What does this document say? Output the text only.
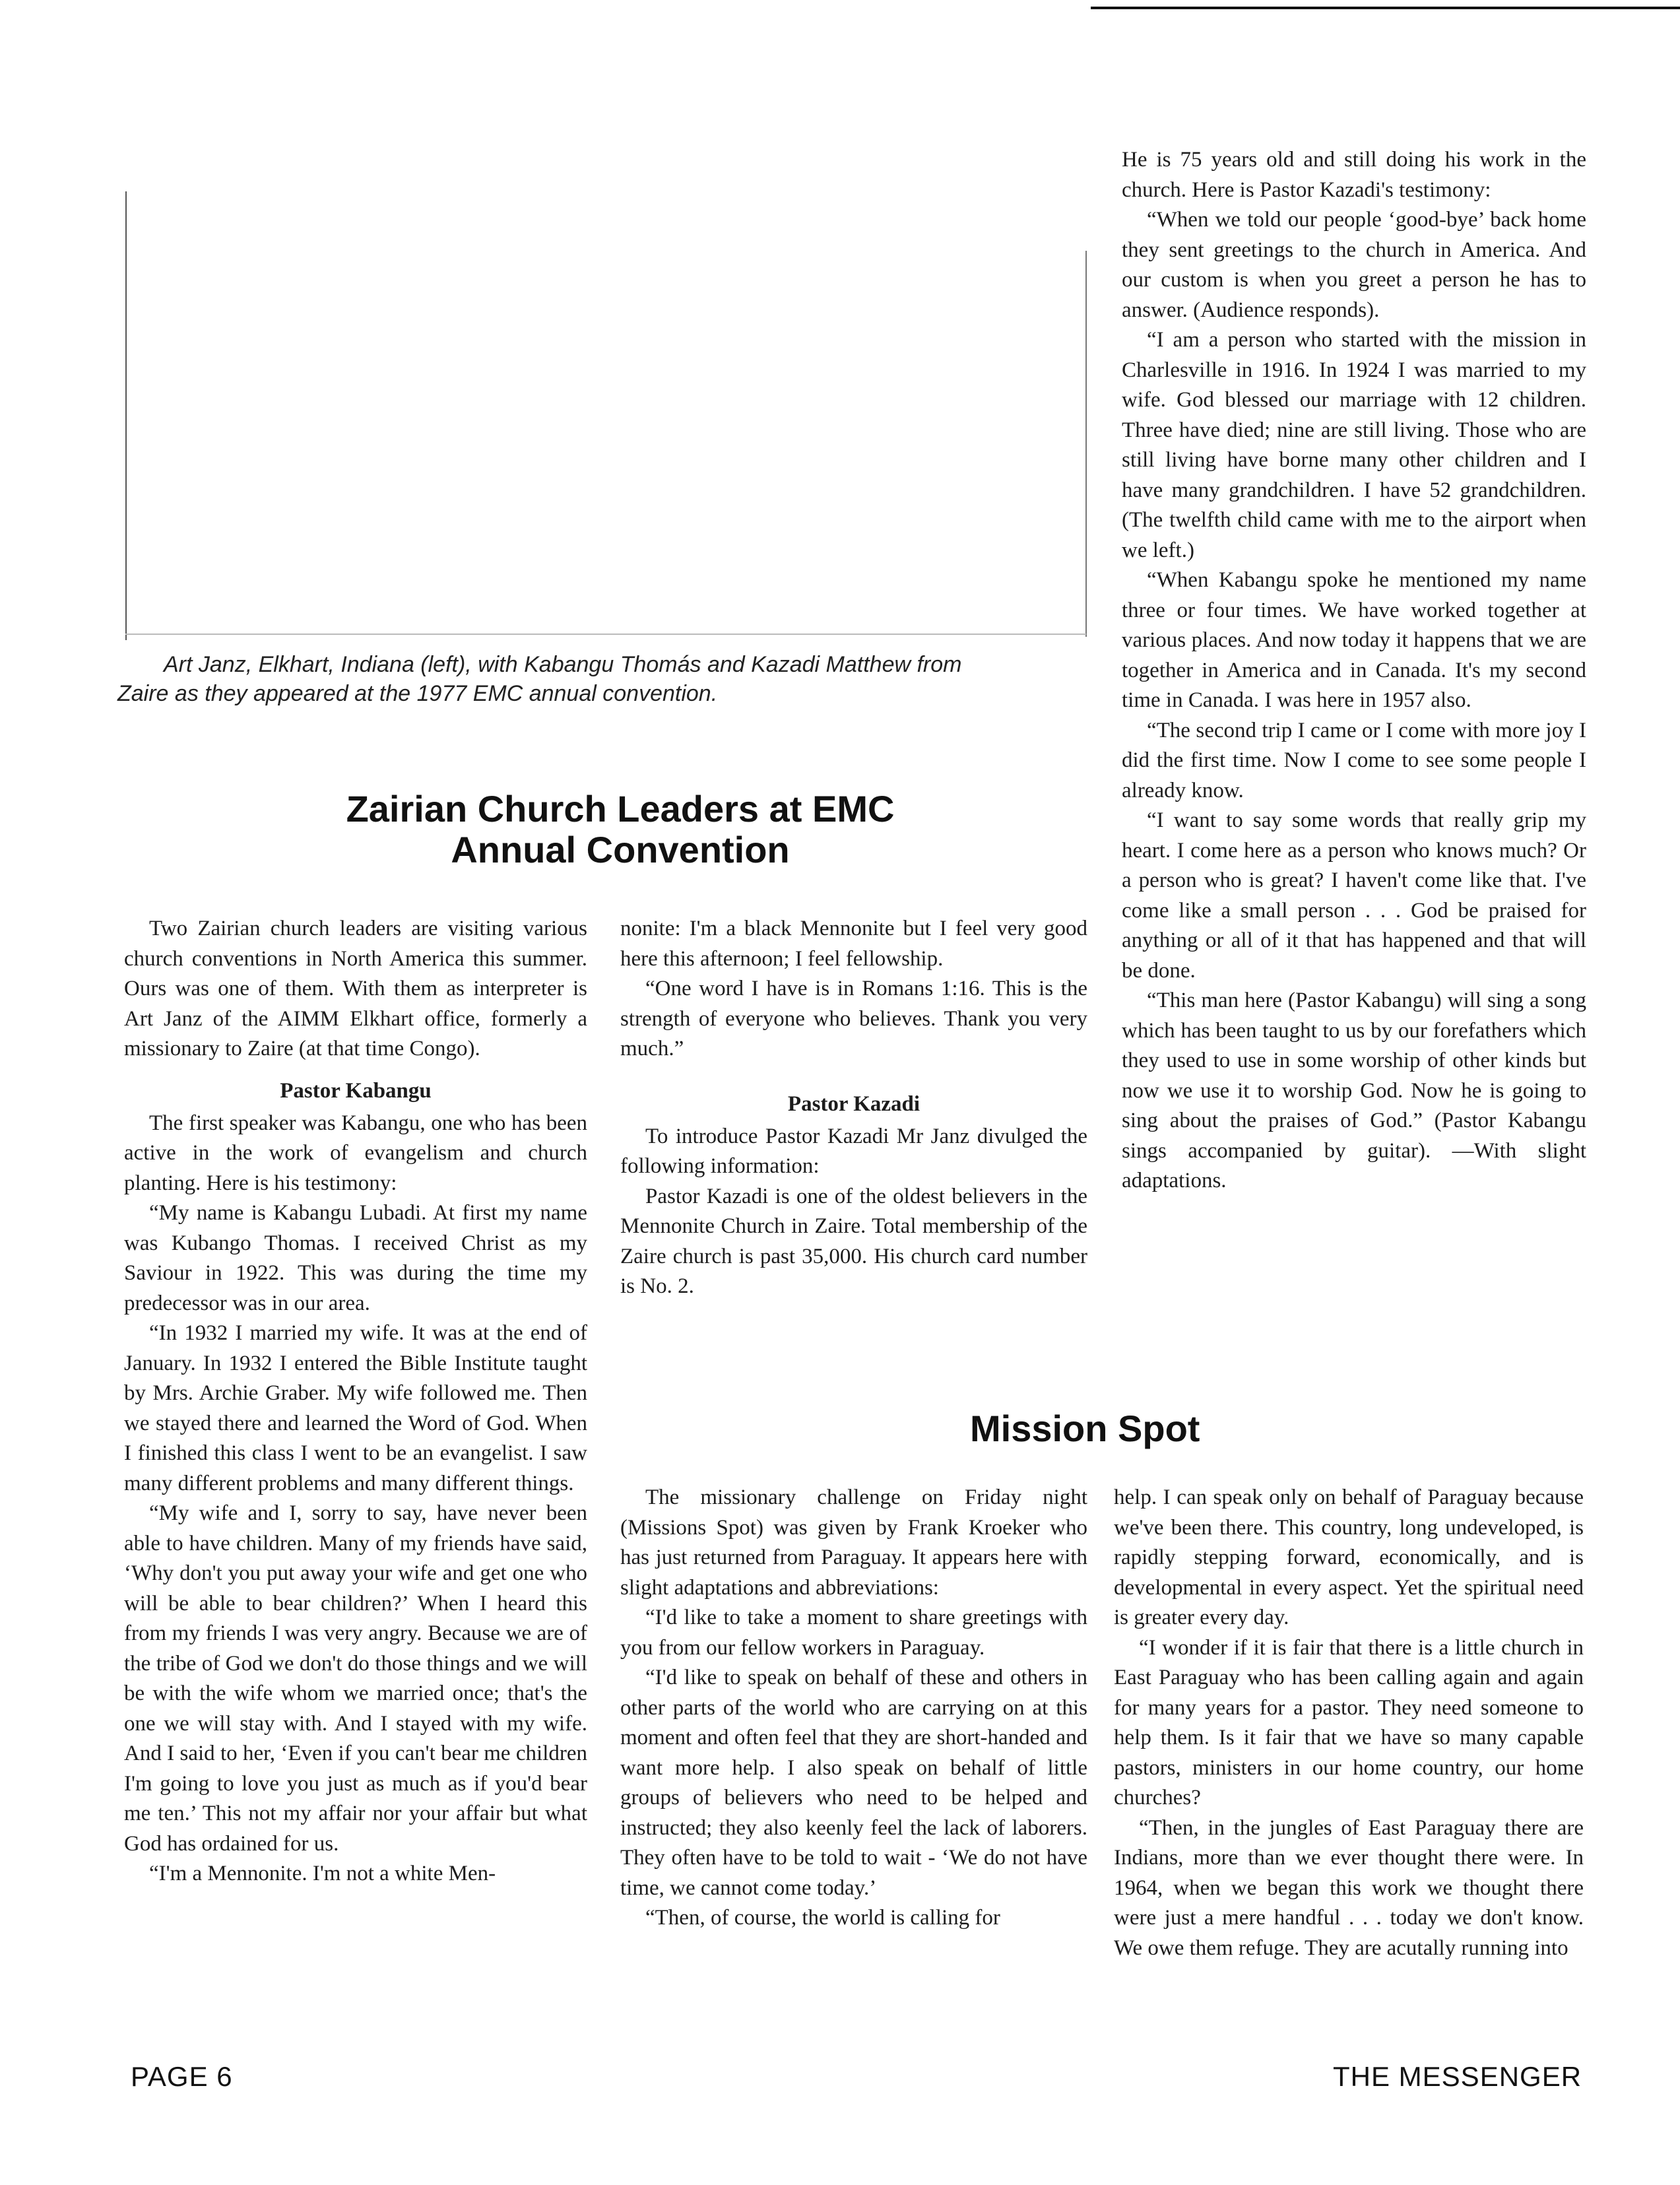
Art Janz, Elkhart, Indiana (left), with Kabangu Thomás and Kazadi Matthew from

Zaire as they appeared at the 1977 EMC annual convention.

Zairian Church Leaders at EMC
Annual Convention

Two Zairian church leaders are visiting various church conventions in North America this summer. Ours was one of them. With them as interpreter is Art Janz of the AIMM Elkhart office, formerly a missionary to Zaire (at that time Congo).

Pastor Kabangu

The first speaker was Kabangu, one who has been active in the work of evangelism and church planting. Here is his testimony:

“My name is Kabangu Lubadi. At first my name was Kubango Thomas. I received Christ as my Saviour in 1922. This was during the time my predecessor was in our area.

“In 1932 I married my wife. It was at the end of January. In 1932 I entered the Bible Institute taught by Mrs. Archie Graber. My wife followed me. Then we stayed there and learned the Word of God. When I finished this class I went to be an evangelist. I saw many different problems and many different things.

“My wife and I, sorry to say, have never been able to have children. Many of my friends have said, ‘Why don't you put away your wife and get one who will be able to bear children?’ When I heard this from my friends I was very angry. Because we are of the tribe of God we don't do those things and we will be with the wife whom we married once; that's the one we will stay with. And I stayed with my wife. And I said to her, ‘Even if you can't bear me children I'm going to love you just as much as if you'd bear me ten.’ This not my affair nor your affair but what God has ordained for us.

“I'm a Mennonite. I'm not a white Men-

nonite: I'm a black Mennonite but I feel very good here this afternoon; I feel fellowship.

“One word I have is in Romans 1:16. This is the strength of everyone who believes. Thank you very much.”

Pastor Kazadi

To introduce Pastor Kazadi Mr Janz divulged the following information:

Pastor Kazadi is one of the oldest believers in the Mennonite Church in Zaire. Total membership of the Zaire church is past 35,000. His church card number is No. 2.

He is 75 years old and still doing his work in the church. Here is Pastor Kazadi's testimony:

“When we told our people ‘good-bye’ back home they sent greetings to the church in America. And our custom is when you greet a person he has to answer. (Audience responds).

“I am a person who started with the mission in Charlesville in 1916. In 1924 I was married to my wife. God blessed our marriage with 12 children. Three have died; nine are still living. Those who are still living have borne many other children and I have many grandchildren. I have 52 grandchildren. (The twelfth child came with me to the airport when we left.)

“When Kabangu spoke he mentioned my name three or four times. We have worked together at various places. And now today it happens that we are together in America and in Canada. It's my second time in Canada. I was here in 1957 also.

“The second trip I came or I come with more joy I did the first time. Now I come to see some people I already know.

“I want to say some words that really grip my heart. I come here as a person who knows much? Or a person who is great? I haven't come like that. I've come like a small person . . . God be praised for anything or all of it that has happened and that will be done.

“This man here (Pastor Kabangu) will sing a song which has been taught to us by our forefathers which they used to use in some worship of other kinds but now we use it to worship God. Now he is going to sing about the praises of God.” (Pastor Kabangu sings accompanied by guitar). —With slight adaptations.

Mission Spot

The missionary challenge on Friday night (Missions Spot) was given by Frank Kroeker who has just returned from Paraguay. It appears here with slight adaptations and abbreviations:

“I'd like to take a moment to share greetings with you from our fellow workers in Paraguay.

“I'd like to speak on behalf of these and others in other parts of the world who are carrying on at this moment and often feel that they are short-handed and want more help. I also speak on behalf of little groups of believers who need to be helped and instructed; they also keenly feel the lack of laborers. They often have to be told to wait - ‘We do not have time, we cannot come today.’

“Then, of course, the world is calling for

help. I can speak only on behalf of Paraguay because we've been there. This country, long undeveloped, is rapidly stepping forward, economically, and is developmental in every aspect. Yet the spiritual need is greater every day.

“I wonder if it is fair that there is a little church in East Paraguay who has been calling again and again for many years for a pastor. They need someone to help them. Is it fair that we have so many capable pastors, ministers in our home country, our home churches?

“Then, in the jungles of East Paraguay there are Indians, more than we ever thought there were. In 1964, when we began this work we thought there were just a mere handful . . . today we don't know. We owe them refuge. They are acutally running into

PAGE 6	THE MESSENGER
